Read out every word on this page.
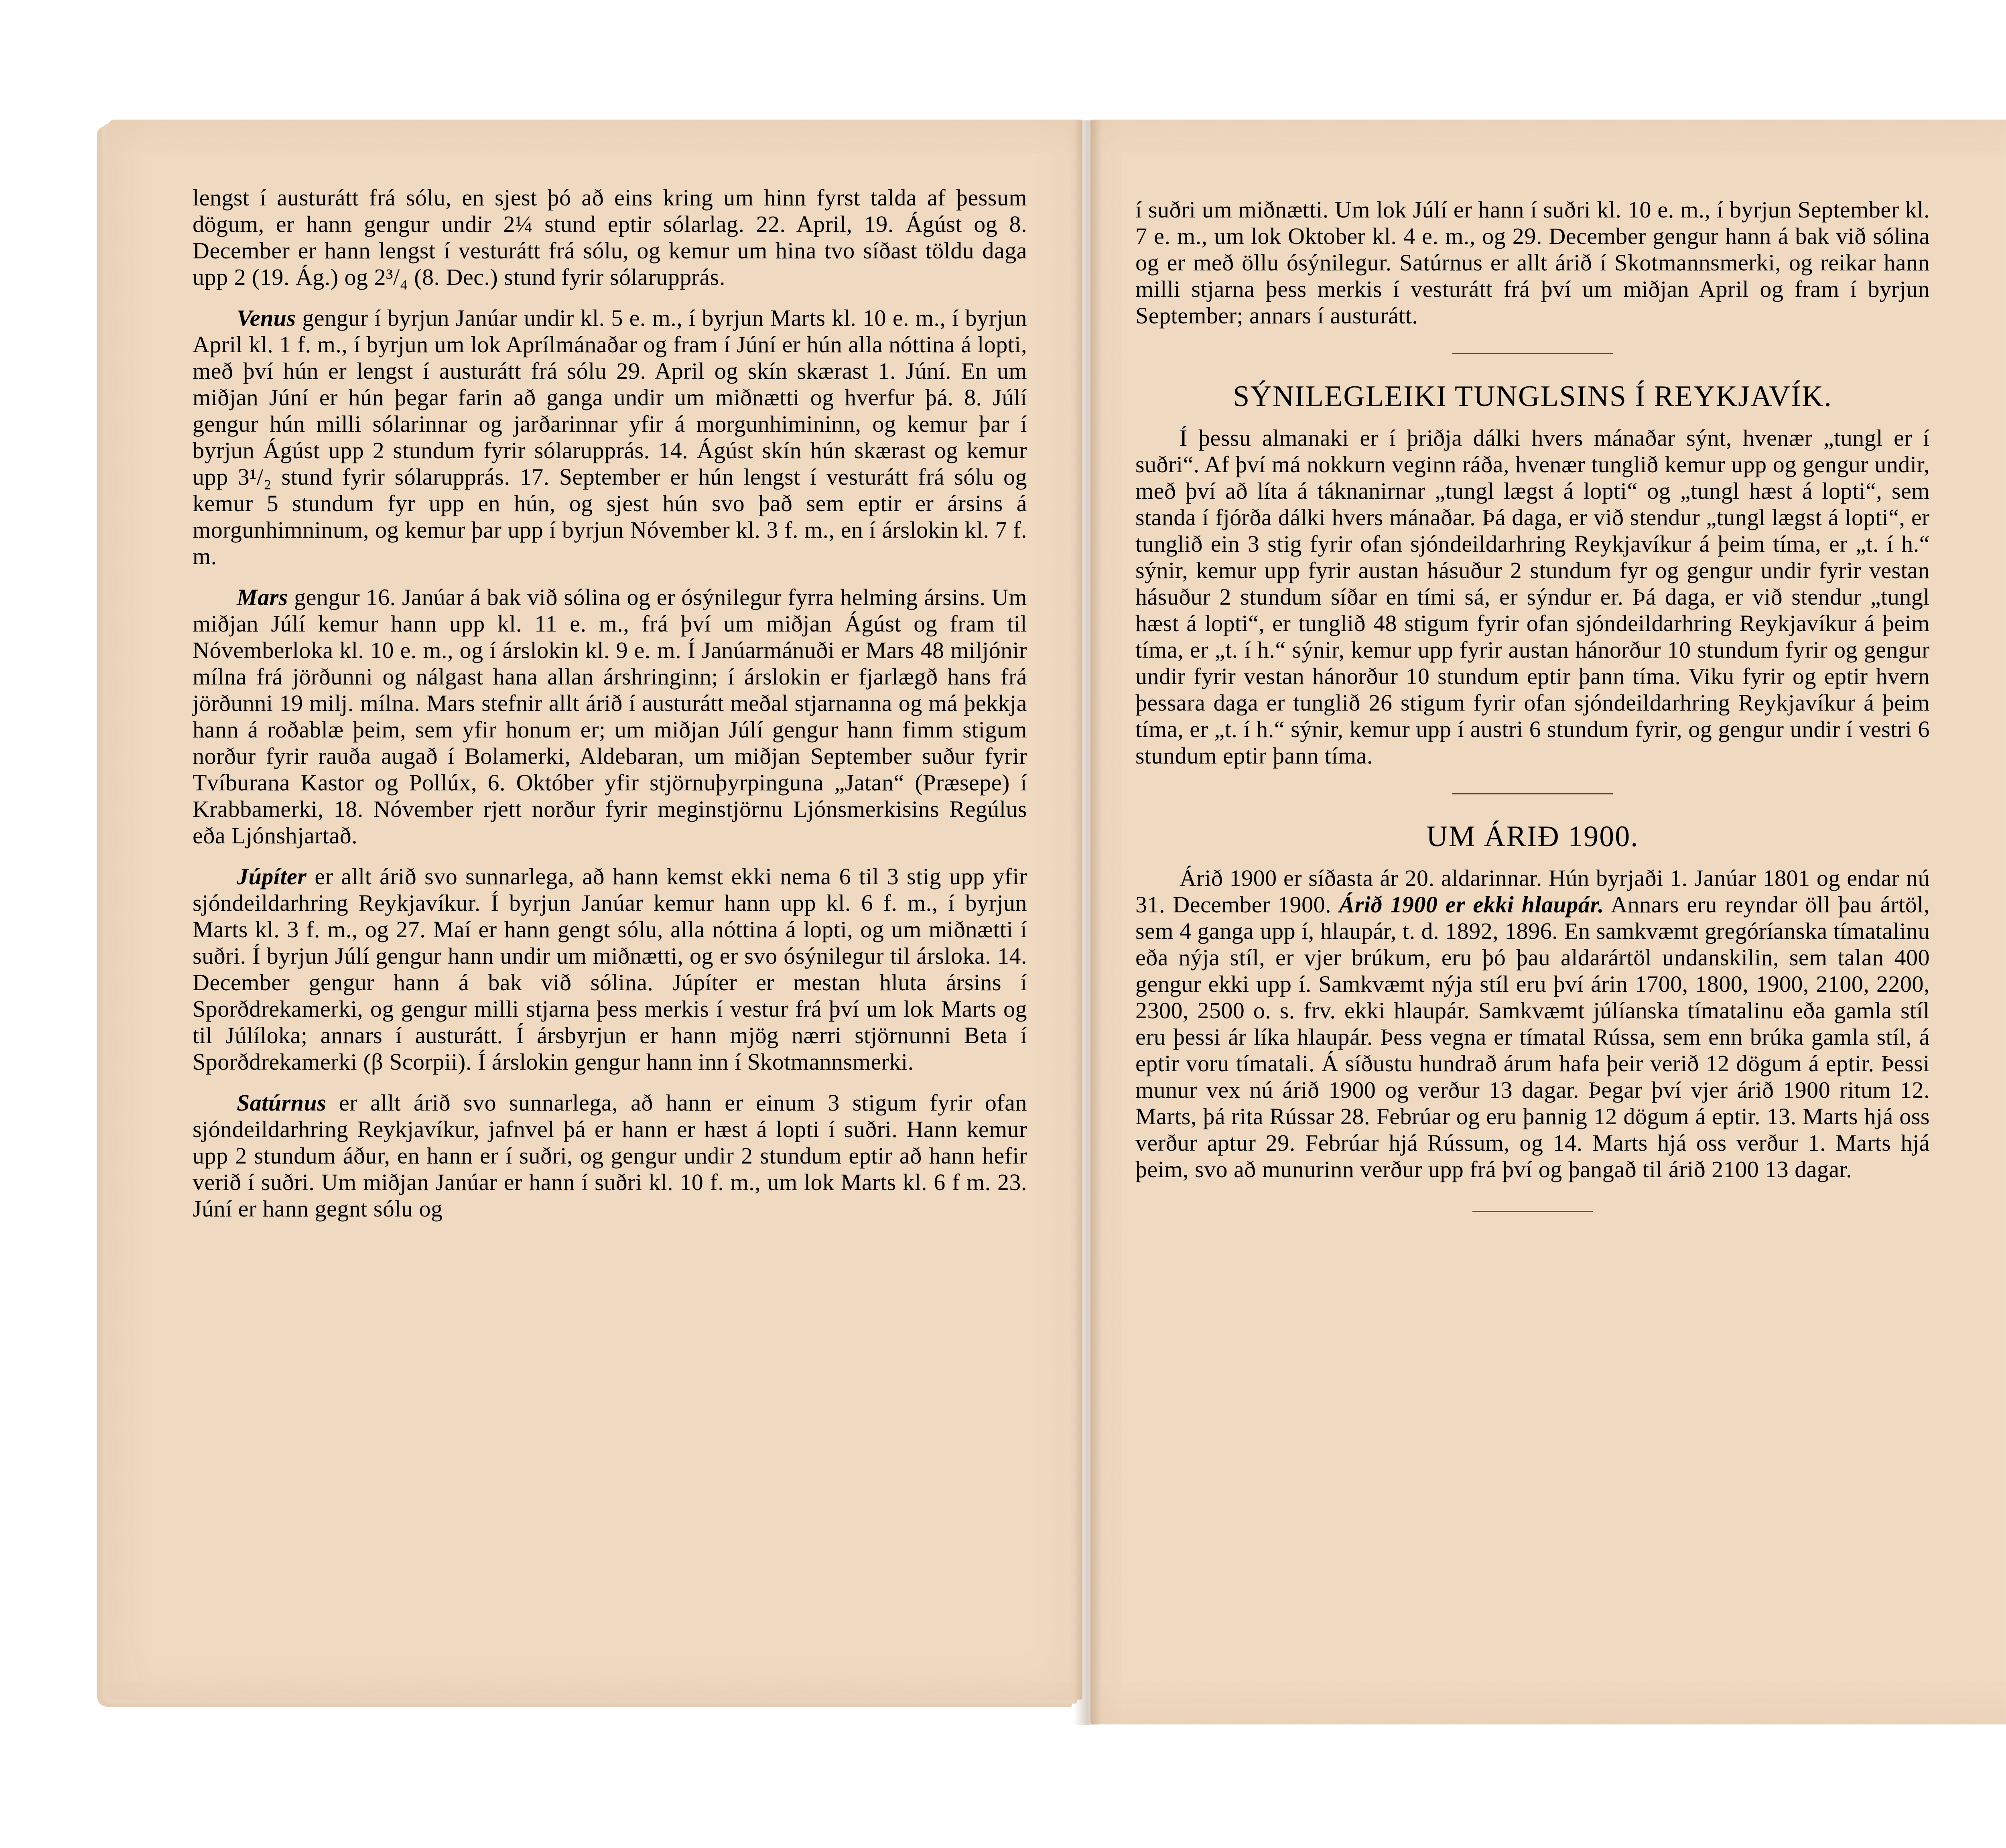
lengst í austurátt frá sólu, en sjest þó að eins kring um hinn fyrst talda af þessum dögum, er hann gengur undir 2¼ stund eptir sólarlag. 22. April, 19. Ágúst og 8. December er hann lengst í vesturátt frá sólu, og kemur um hina tvo síðast töldu daga upp 2 (19. Ág.) og 2³/₄ (8. Dec.) stund fyrir sólarupprás.

Venus gengur í byrjun Janúar undir kl. 5 e. m., í byrjun Marts kl. 10 e. m., í byrjun April kl. 1 f. m., í byrjun um lok Aprílmánaðar og fram í Júní er hún alla nóttina á lopti, með því hún er lengst í austurátt frá sólu 29. April og skín skærast 1. Júní. En um miðjan Júní er hún þegar farin að ganga undir um miðnætti og hverfur þá. 8. Júlí gengur hún milli sólarinnar og jarðarinnar yfir á morgunhimininn, og kemur þar í byrjun Ágúst upp 2 stundum fyrir sólarupprás. 14. Ágúst skín hún skærast og kemur upp 3¹/₂ stund fyrir sólarupprás. 17. September er hún lengst í vesturátt frá sólu og kemur 5 stundum fyr upp en hún, og sjest hún svo það sem eptir er ársins á morgunhimninum, og kemur þar upp í byrjun Nóvember kl. 3 f. m., en í árslokin kl. 7 f. m.

Mars gengur 16. Janúar á bak við sólina og er ósýnilegur fyrra helming ársins. Um miðjan Júlí kemur hann upp kl. 11 e. m., frá því um miðjan Ágúst og fram til Nóvemberloka kl. 10 e. m., og í árslokin kl. 9 e. m. Í Janúarmánuði er Mars 48 miljónir mílna frá jörðunni og nálgast hana allan árshringinn; í árslokin er fjarlægð hans frá jörðunni 19 milj. mílna. Mars stefnir allt árið í austurátt meðal stjarnanna og má þekkja hann á roðablæ þeim, sem yfir honum er; um miðjan Júlí gengur hann fimm stigum norður fyrir rauða augað í Bolamerki, Aldebaran, um miðjan September suður fyrir Tvíburana Kastor og Pollúx, 6. Október yfir stjörnuþyrpinguna „Jatan“ (Præsepe) í Krabbamerki, 18. Nóvember rjett norður fyrir meginstjörnu Ljónsmerkisins Regúlus eða Ljónshjartað.

Júpíter er allt árið svo sunnarlega, að hann kemst ekki nema 6 til 3 stig upp yfir sjóndeildarhring Reykjavíkur. Í byrjun Janúar kemur hann upp kl. 6 f. m., í byrjun Marts kl. 3 f. m., og 27. Maí er hann gengt sólu, alla nóttina á lopti, og um miðnætti í suðri. Í byrjun Júlí gengur hann undir um miðnætti, og er svo ósýnilegur til ársloka. 14. December gengur hann á bak við sólina. Júpíter er mestan hluta ársins í Sporðdrekamerki, og gengur milli stjarna þess merkis í vestur frá því um lok Marts og til Júlíloka; annars í austurátt. Í ársbyrjun er hann mjög nærri stjörnunni Beta í Sporðdrekamerki (β Scorpii). Í árslokin gengur hann inn í Skotmannsmerki.

Satúrnus er allt árið svo sunnarlega, að hann er einum 3 stigum fyrir ofan sjóndeildarhring Reykjavíkur, jafnvel þá er hann er hæst á lopti í suðri. Hann kemur upp 2 stundum áður, en hann er í suðri, og gengur undir 2 stundum eptir að hann hefir verið í suðri. Um miðjan Janúar er hann í suðri kl. 10 f. m., um lok Marts kl. 6 f m. 23. Júní er hann gegnt sólu og

í suðri um miðnætti. Um lok Júlí er hann í suðri kl. 10 e. m., í byrjun September kl. 7 e. m., um lok Oktober kl. 4 e. m., og 29. December gengur hann á bak við sólina og er með öllu ósýnilegur. Satúrnus er allt árið í Skotmannsmerki, og reikar hann milli stjarna þess merkis í vesturátt frá því um miðjan April og fram í byrjun September; annars í austurátt.

SÝNILEGLEIKI TUNGLSINS Í REYKJAVÍK.

Í þessu almanaki er í þriðja dálki hvers mánaðar sýnt, hvenær „tungl er í suðri“. Af því má nokkurn veginn ráða, hvenær tunglið kemur upp og gengur undir, með því að líta á táknanirnar „tungl lægst á lopti“ og „tungl hæst á lopti“, sem standa í fjórða dálki hvers mánaðar. Þá daga, er við stendur „tungl lægst á lopti“, er tunglið ein 3 stig fyrir ofan sjóndeildarhring Reykjavíkur á þeim tíma, er „t. í h.“ sýnir, kemur upp fyrir austan hásuður 2 stundum fyr og gengur undir fyrir vestan hásuður 2 stundum síðar en tími sá, er sýndur er. Þá daga, er við stendur „tungl hæst á lopti“, er tunglið 48 stigum fyrir ofan sjóndeildarhring Reykjavíkur á þeim tíma, er „t. í h.“ sýnir, kemur upp fyrir austan hánorður 10 stundum fyrir og gengur undir fyrir vestan hánorður 10 stundum eptir þann tíma. Viku fyrir og eptir hvern þessara daga er tunglið 26 stigum fyrir ofan sjóndeildarhring Reykjavíkur á þeim tíma, er „t. í h.“ sýnir, kemur upp í austri 6 stundum fyrir, og gengur undir í vestri 6 stundum eptir þann tíma.

UM ÁRIÐ 1900.

Árið 1900 er síðasta ár 20. aldarinnar. Hún byrjaði 1. Janúar 1801 og endar nú 31. December 1900. Árið 1900 er ekki hlaupár. Annars eru reyndar öll þau ártöl, sem 4 ganga upp í, hlaupár, t. d. 1892, 1896. En samkvæmt gregóríanska tímatalinu eða nýja stíl, er vjer brúkum, eru þó þau aldarártöl undanskilin, sem talan 400 gengur ekki upp í. Samkvæmt nýja stíl eru því árin 1700, 1800, 1900, 2100, 2200, 2300, 2500 o. s. frv. ekki hlaupár. Samkvæmt júlíanska tímatalinu eða gamla stíl eru þessi ár líka hlaupár. Þess vegna er tímatal Rússa, sem enn brúka gamla stíl, á eptir voru tímatali. Á síðustu hundrað árum hafa þeir verið 12 dögum á eptir. Þessi munur vex nú árið 1900 og verður 13 dagar. Þegar því vjer árið 1900 ritum 12. Marts, þá rita Rússar 28. Febrúar og eru þannig 12 dögum á eptir. 13. Marts hjá oss verður aptur 29. Febrúar hjá Rússum, og 14. Marts hjá oss verður 1. Marts hjá þeim, svo að munurinn verður upp frá því og þangað til árið 2100 13 dagar.
